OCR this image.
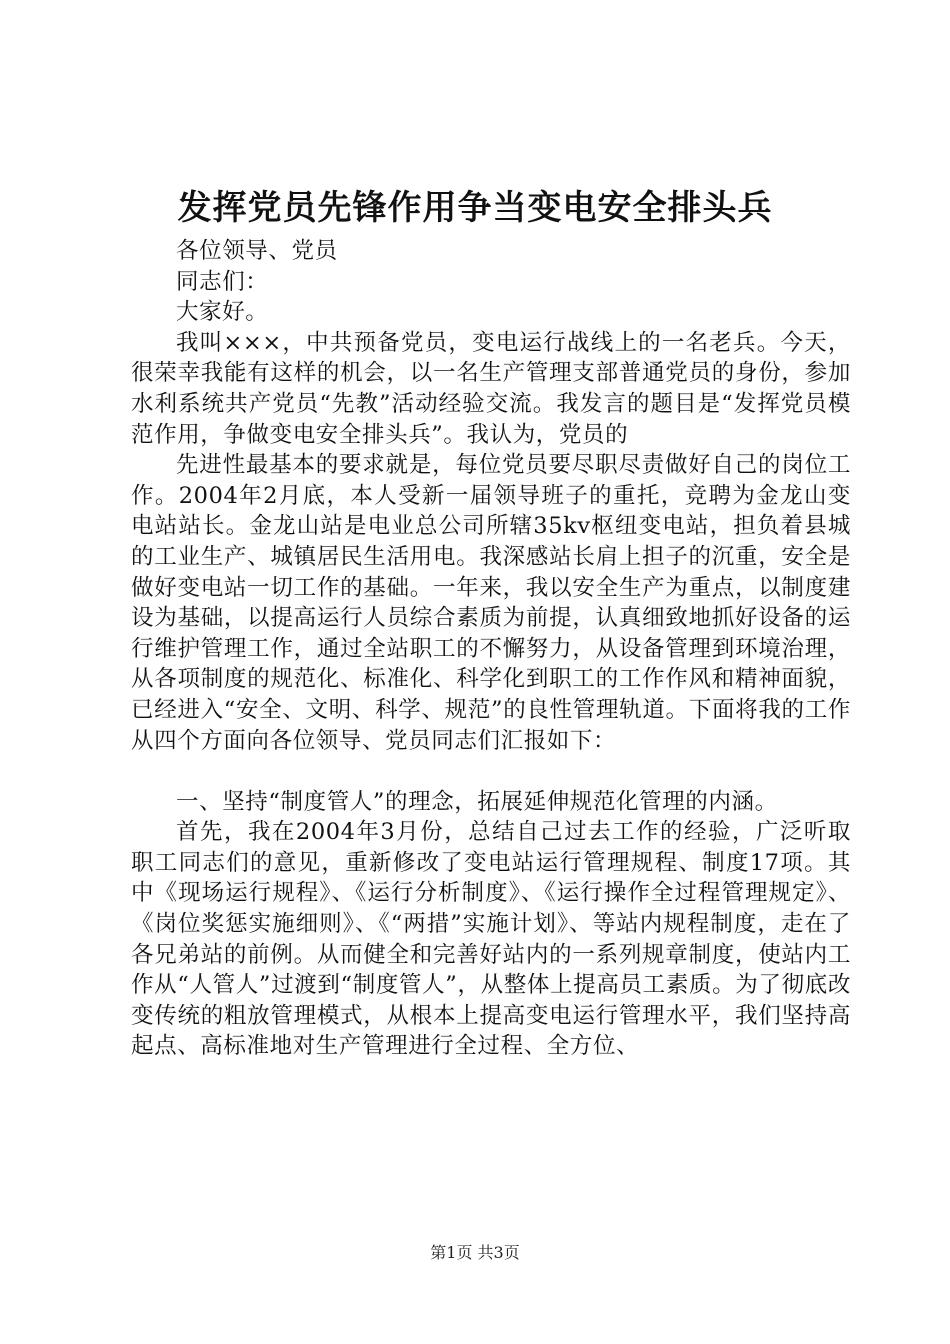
发挥党员先锋作用争当变电安全排头兵

各位领导、党员

同志们：

大家好。

我叫×××，中共预备党员，变电运行战线上的一名老兵。今天，很荣幸我能有这样的机会，以一名生产管理支部普通党员的身份，参加水利系统共产党员“先教”活动经验交流。我发言的题目是“发挥党员模范作用，争做变电安全排头兵”。我认为，党员的

先进性最基本的要求就是，每位党员要尽职尽责做好自己的岗位工作。2004年2月底，本人受新一届领导班子的重托，竞聘为金龙山变电站站长。金龙山站是电业总公司所辖35kv枢纽变电站，担负着县城的工业生产、城镇居民生活用电。我深感站长肩上担子的沉重，安全是做好变电站一切工作的基础。一年来，我以安全生产为重点，以制度建设为基础，以提高运行人员综合素质为前提，认真细致地抓好设备的运行维护管理工作，通过全站职工的不懈努力，从设备管理到环境治理，从各项制度的规范化、标准化、科学化到职工的工作作风和精神面貌，已经进入“安全、文明、科学、规范”的良性管理轨道。下面将我的工作从四个方面向各位领导、党员同志们汇报如下：

一、坚持“制度管人”的理念，拓展延伸规范化管理的内涵。

首先，我在2004年3月份，总结自己过去工作的经验，广泛听取职工同志们的意见，重新修改了变电站运行管理规程、制度17项。其中《现场运行规程》、《运行分析制度》、《运行操作全过程管理规定》、《岗位奖惩实施细则》、《“两措”实施计划》、等站内规程制度，走在了各兄弟站的前例。从而健全和完善好站内的一系列规章制度，使站内工作从“人管人”过渡到“制度管人”，从整体上提高员工素质。为了彻底改变传统的粗放管理模式，从根本上提高变电运行管理水平，我们坚持高起点、高标准地对生产管理进行全过程、全方位、

第1页 共3页
